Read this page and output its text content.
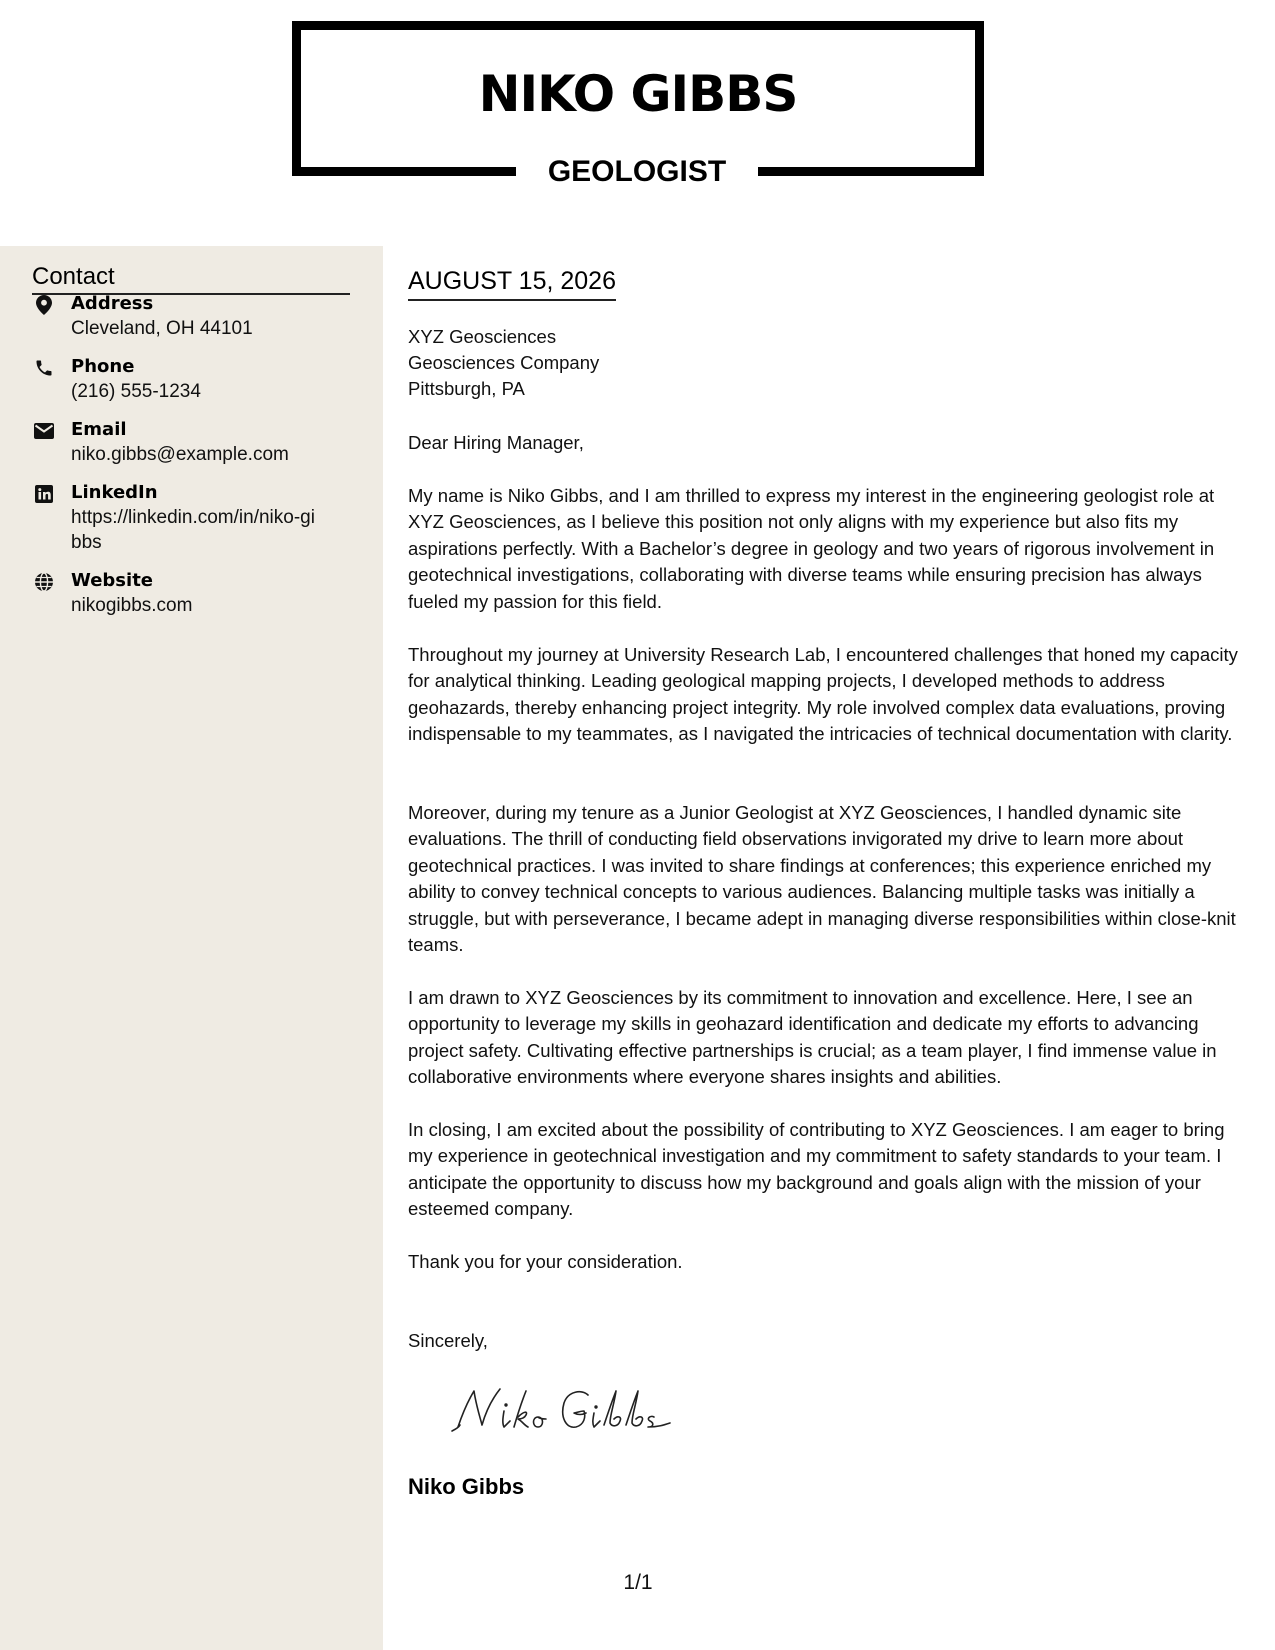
NIKO GIBBS
GEOLOGIST
Contact
Address
Cleveland, OH 44101
Phone
(216) 555-1234
Email
niko.gibbs@example.com
LinkedIn
https://linkedin.com/in/niko-gibbs
Website
nikogibbs.com
AUGUST 15, 2026
XYZ Geosciences
Geosciences Company
Pittsburgh, PA
Dear Hiring Manager,
My name is Niko Gibbs, and I am thrilled to express my interest in the engineering geologist role at XYZ Geosciences, as I believe this position not only aligns with my experience but also fits my aspirations perfectly. With a Bachelor’s degree in geology and two years of rigorous involvement in geotechnical investigations, collaborating with diverse teams while ensuring precision has always fueled my passion for this field.
Throughout my journey at University Research Lab, I encountered challenges that honed my capacity for analytical thinking. Leading geological mapping projects, I developed methods to address geohazards, thereby enhancing project integrity. My role involved complex data evaluations, proving indispensable to my teammates, as I navigated the intricacies of technical documentation with clarity.
Moreover, during my tenure as a Junior Geologist at XYZ Geosciences, I handled dynamic site evaluations. The thrill of conducting field observations invigorated my drive to learn more about geotechnical practices. I was invited to share findings at conferences; this experience enriched my ability to convey technical concepts to various audiences. Balancing multiple tasks was initially a struggle, but with perseverance, I became adept in managing diverse responsibilities within close-knit teams.
I am drawn to XYZ Geosciences by its commitment to innovation and excellence. Here, I see an opportunity to leverage my skills in geohazard identification and dedicate my efforts to advancing project safety. Cultivating effective partnerships is crucial; as a team player, I find immense value in collaborative environments where everyone shares insights and abilities.
In closing, I am excited about the possibility of contributing to XYZ Geosciences. I am eager to bring my experience in geotechnical investigation and my commitment to safety standards to your team. I anticipate the opportunity to discuss how my background and goals align with the mission of your esteemed company.
Thank you for your consideration.
Sincerely,
Niko Gibbs
1/1
